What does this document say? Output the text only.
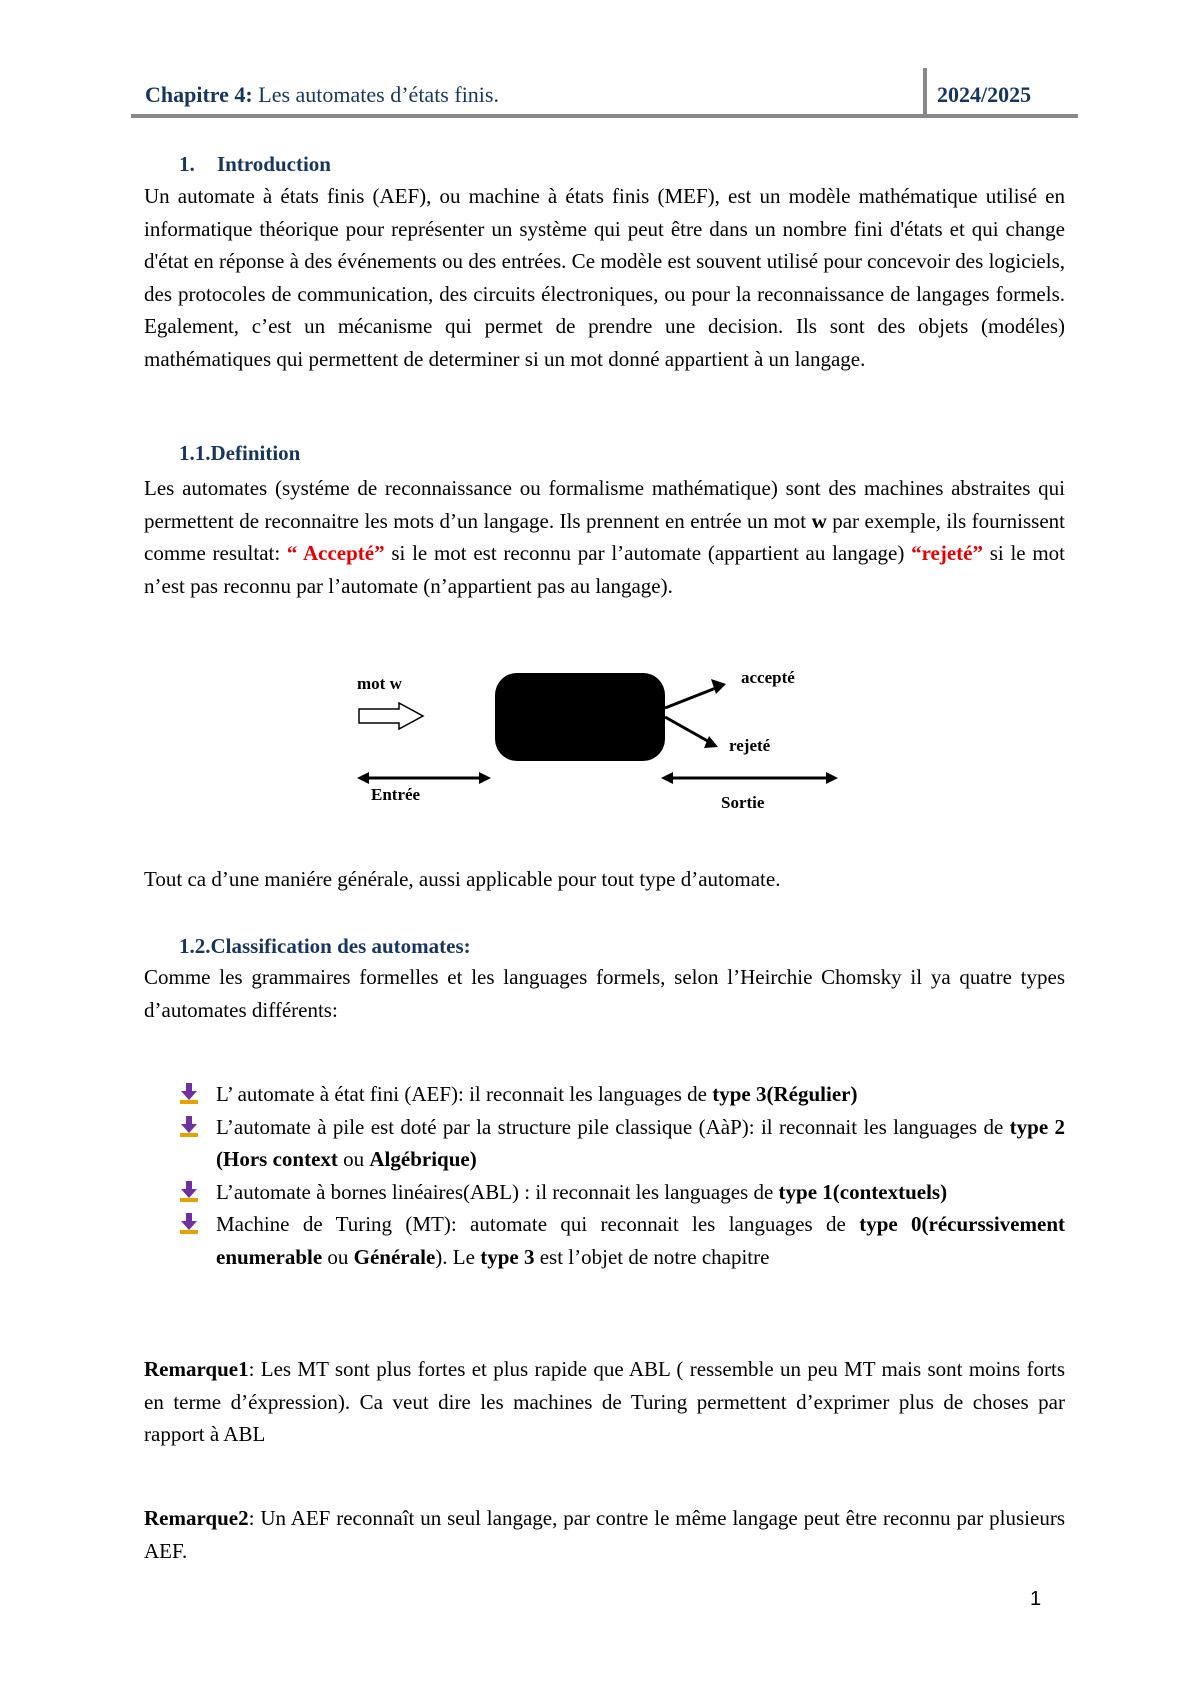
Chapitre 4: Les automates d’états finis.	2024/2025
1. Introduction

Un automate à états finis (AEF), ou machine à états finis (MEF), est un modèle mathématique utilisé en informatique théorique pour représenter un système qui peut être dans un nombre fini d'états et qui change d'état en réponse à des événements ou des entrées. Ce modèle est souvent utilisé pour concevoir des logiciels, des protocoles de communication, des circuits électroniques, ou pour la reconnaissance de langages formels. Egalement, c’est un mécanisme qui permet de prendre une decision. Ils sont des objets (modéles) mathématiques qui permettent de determiner si un mot donné appartient à un langage.

1.1.Definition

Les automates (systéme de reconnaissance ou formalisme mathématique) sont des machines abstraites qui permettent de reconnaitre les mots d’un langage. Ils prennent en entrée un mot w par exemple, ils fournissent comme resultat: “ Accepté” si le mot est reconnu par l’automate (appartient au langage) “rejeté” si le mot n’est pas reconnu par l’automate (n’appartient pas au langage).

mot w	accepté
rejeté
Entrée	Sortie

Tout ca d’une maniére générale, aussi applicable pour tout type d’automate.

1.2.Classification des automates:

Comme les grammaires formelles et les languages formels, selon l’Heirchie Chomsky il ya quatre types d’automates différents:

L’ automate à état fini (AEF): il reconnait les languages de type 3(Régulier)
L’automate à pile est doté par la structure pile classique (AàP): il reconnait les languages de type 2 (Hors context ou Algébrique)
L’automate à bornes linéaires(ABL) : il reconnait les languages de type 1(contextuels)
Machine de Turing (MT): automate qui reconnait les languages de type 0(récurssivement enumerable ou Générale). Le type 3 est l’objet de notre chapitre

Remarque1: Les MT sont plus fortes et plus rapide que ABL ( ressemble un peu MT mais sont moins forts en terme d’éxpression). Ca veut dire les machines de Turing permettent d’exprimer plus de choses par rapport à ABL

Remarque2: Un AEF reconnaît un seul langage, par contre le même langage peut être reconnu par plusieurs AEF.

1
